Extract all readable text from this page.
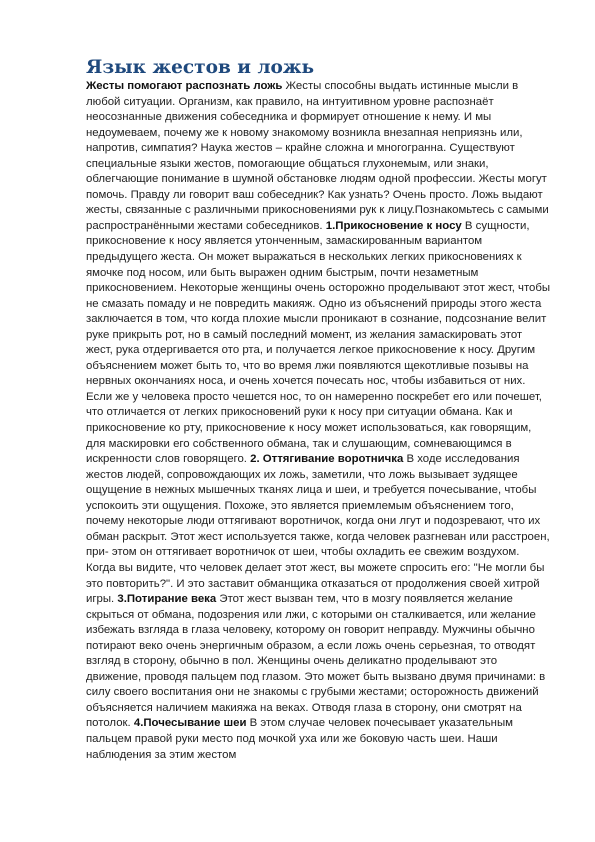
Язык жестов и ложь

Жесты помогают распознать ложь Жесты способны выдать истинные мысли в любой ситуации. Организм, как правило, на интуитивном уровне распознаёт неосознанные движения собеседника и формирует отношение к нему. И мы недоумеваем, почему же к новому знакомому возникла внезапная неприязнь или, напротив, симпатия? Наука жестов – крайне сложна и многогранна. Существуют специальные языки жестов, помогающие общаться глухонемым, или знаки, облегчающие понимание в шумной обстановке людям одной профессии. Жесты могут помочь. Правду ли говорит ваш собеседник? Как узнать? Очень просто. Ложь выдают жесты, связанные с различными прикосновениями рук к лицу.Познакомьтесь с самыми распространёнными жестами собеседников. 1.Прикосновение к носу В сущности, прикосновение к носу является утонченным, замаскированным вариантом предыдущего жеста. Он может выражаться в нескольких легких прикосновениях к ямочке под носом, или быть выражен одним быстрым, почти незаметным прикосновением. Некоторые женщины очень осторожно проделывают этот жест, чтобы не смазать помаду и не повредить макияж. Одно из объяснений природы этого жеста заключается в том, что когда плохие мысли проникают в сознание, подсознание велит руке прикрыть рот, но в самый последний момент, из желания замаскировать этот жест, рука отдергивается ото рта, и получается легкое прикосновение к носу. Другим объяснением может быть то, что во время лжи появляются щекотливые позывы на нервных окончаниях носа, и очень хочется почесать нос, чтобы избавиться от них. Если же у человека просто чешется нос, то он намеренно поскребет его или почешет, что отличается от легких прикосновений руки к носу при ситуации обмана. Как и прикосновение ко рту, прикосновение к носу может использоваться, как говорящим, для маскировки его собственного обмана, так и слушающим, сомневающимся в искренности слов говорящего. 2. Оттягивание воротничка В ходе исследования жестов людей, сопровождающих их ложь, заметили, что ложь вызывает зудящее ощущение в нежных мышечных тканях лица и шеи, и требуется почесывание, чтобы успокоить эти ощущения. Похоже, это является приемлемым объяснением того, почему некоторые люди оттягивают воротничок, когда они лгут и подозревают, что их обман раскрыт. Этот жест используется также, когда человек разгневан или расстроен, при- этом он оттягивает воротничок от шеи, чтобы охладить ее свежим воздухом. Когда вы видите, что человек делает этот жест, вы можете спросить его: "Не могли бы это повторить?". И это заставит обманщика отказаться от продолжения своей хитрой игры. 3.Потирание века Этот жест вызван тем, что в мозгу появляется желание скрыться от обмана, подозрения или лжи, с которыми он сталкивается, или желание избежать взгляда в глаза человеку, которому он говорит неправду. Мужчины обычно потирают веко очень энергичным образом, а если ложь очень серьезная, то отводят взгляд в сторону, обычно в пол. Женщины очень деликатно проделывают это движение, проводя пальцем под глазом. Это может быть вызвано двумя причинами: в силу своего воспитания они не знакомы с грубыми жестами; осторожность движений объясняется наличием макияжа на веках. Отводя глаза в сторону, они смотрят на потолок. 4.Почесывание шеи В этом случае человек почесывает указательным пальцем правой руки место под мочкой уха или же боковую часть шеи. Наши наблюдения за этим жестом
